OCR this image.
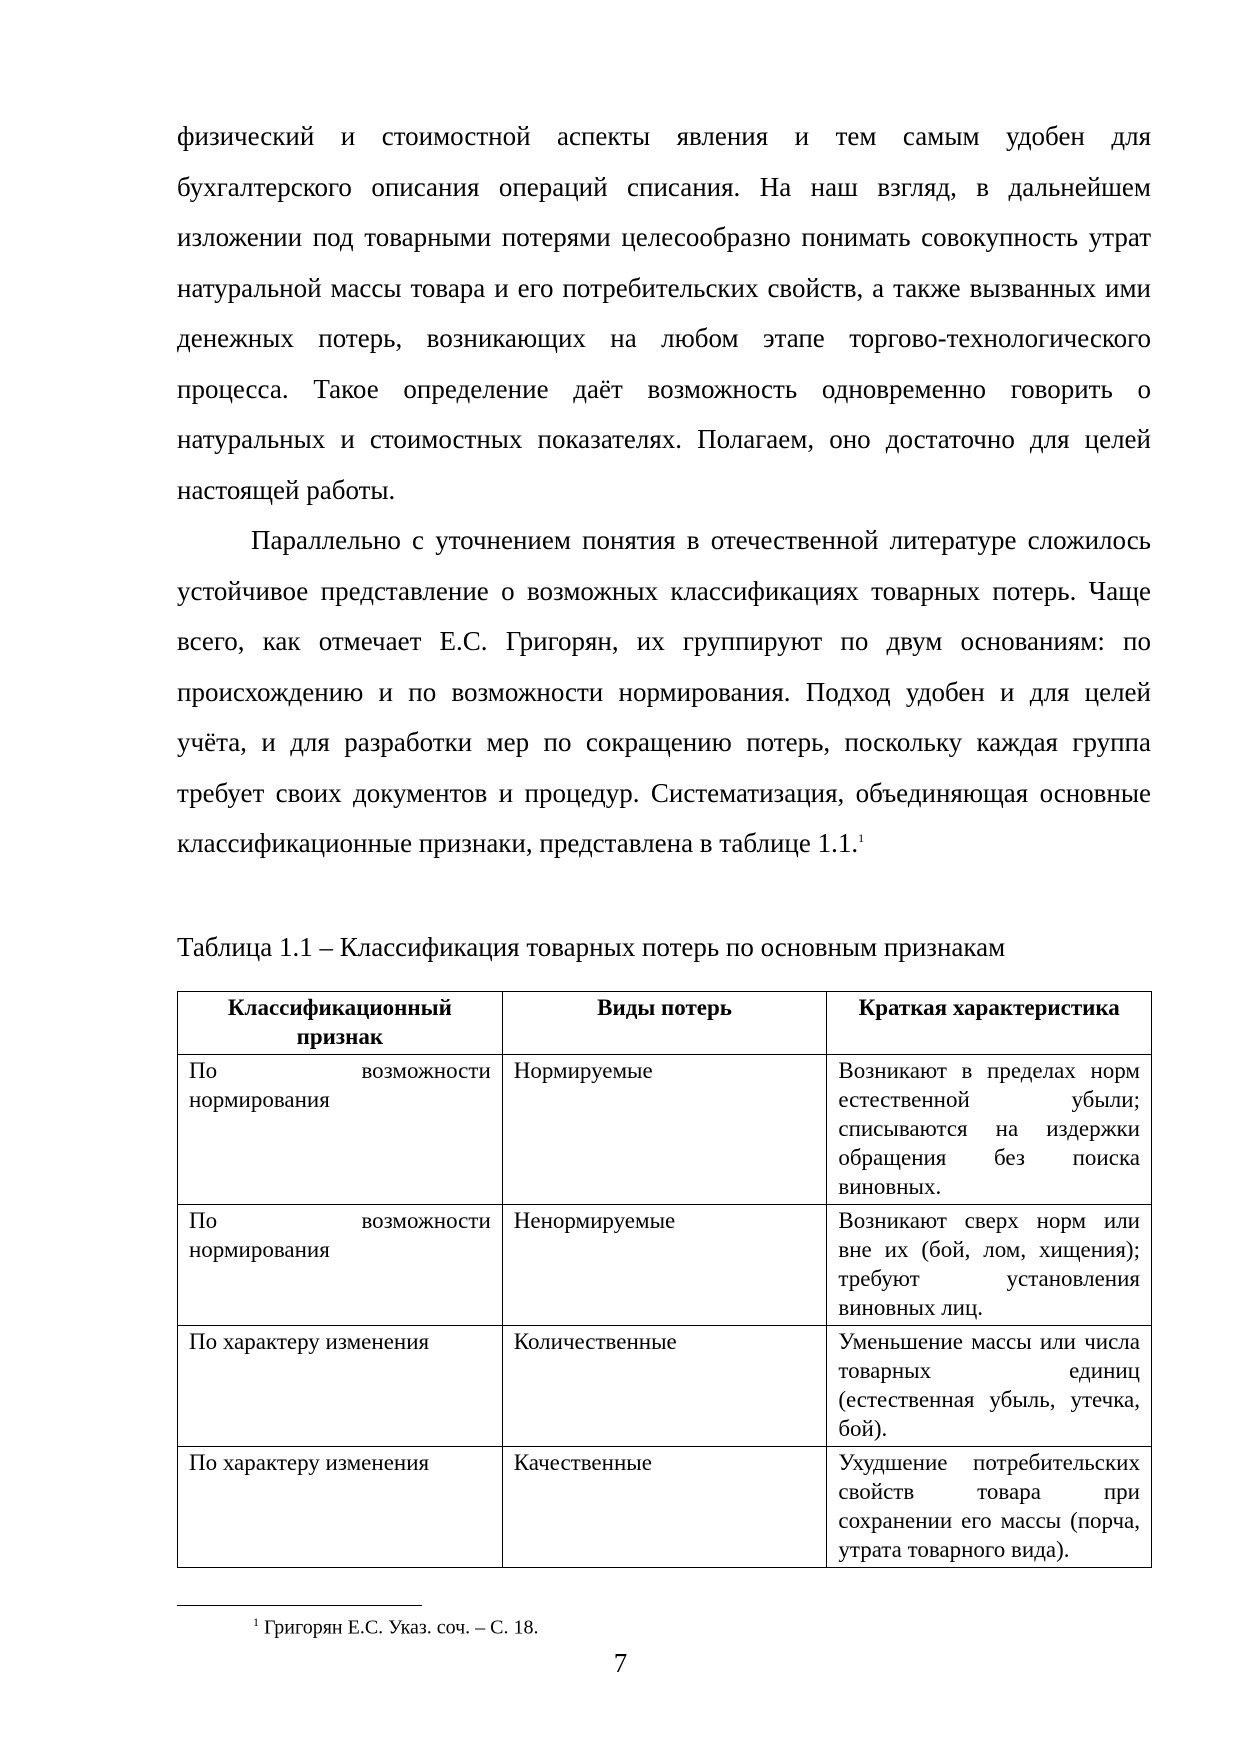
физический и стоимостной аспекты явления и тем самым удобен для бухгалтерского описания операций списания. На наш взгляд, в дальнейшем изложении под товарными потерями целесообразно понимать совокупность утрат натуральной массы товара и его потребительских свойств, а также вызванных ими денежных потерь, возникающих на любом этапе торгово-технологического процесса. Такое определение даёт возможность одновременно говорить о натуральных и стоимостных показателях. Полагаем, оно достаточно для целей настоящей работы.
Параллельно с уточнением понятия в отечественной литературе сложилось устойчивое представление о возможных классификациях товарных потерь. Чаще всего, как отмечает Е.С. Григорян, их группируют по двум основаниям: по происхождению и по возможности нормирования. Подход удобен и для целей учёта, и для разработки мер по сокращению потерь, поскольку каждая группа требует своих документов и процедур. Систематизация, объединяющая основные классификационные признаки, представлена в таблице 1.1.$^1$
Таблица 1.1 – Классификация товарных потерь по основным признакам
Классификационный признак	Виды потерь	Краткая характеристика
По возможности нормирования	Нормируемые	Возникают в пределах норм естественной убыли; списываются на издержки обращения без поиска виновных.
По возможности нормирования	Ненормируемые	Возникают сверх норм или вне их (бой, лом, хищения); требуют установления виновных лиц.
По характеру изменения	Количественные	Уменьшение массы или числа товарных единиц (естественная убыль, утечка, бой).
По характеру изменения	Качественные	Ухудшение потребительских свойств товара при сохранении его массы (порча, утрата товарного вида).
$^1$ Григорян Е.С. Указ. соч. – С. 18.
7
